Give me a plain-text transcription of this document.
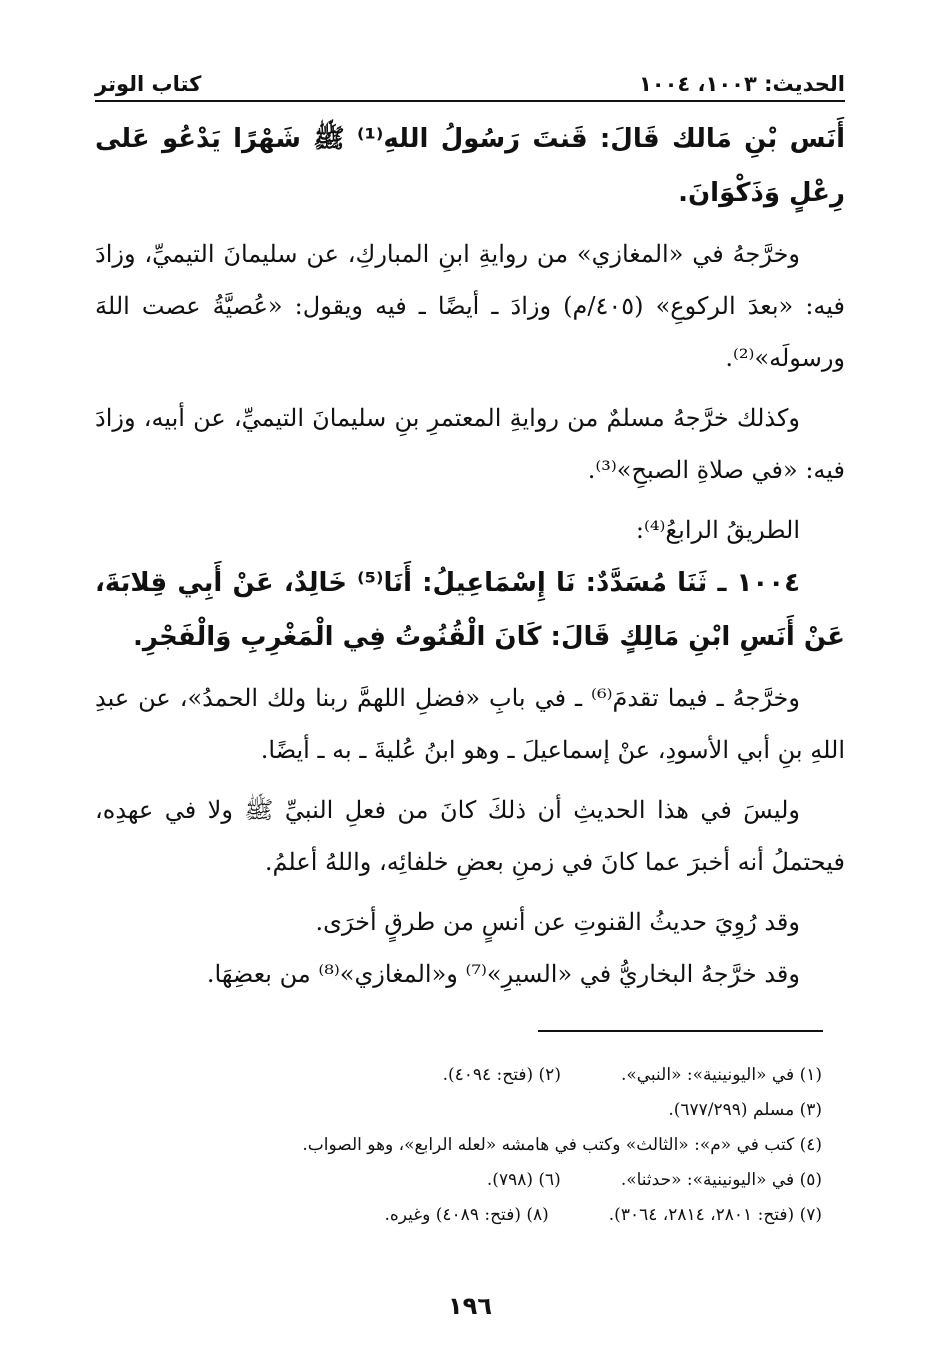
الحديث: ١٠٠٣، ١٠٠٤
كتاب الوتر

أَنَس بْنِ مَالك قَالَ: قَنتَ رَسُولُ اللهِ⁽¹⁾ ﷺ شَهْرًا يَدْعُو عَلى رِعْلٍ وَذَكْوَانَ.

وخرَّجهُ في «المغازي» من روايةِ ابنِ المباركِ، عن سليمانَ التيميِّ، وزادَ فيه: «بعدَ الركوعِ» (٤٠٥/م) وزادَ ـ أيضًا ـ فيه ويقول: «عُصيَّةُ عصت اللهَ ورسولَه»⁽²⁾.

وكذلك خرَّجهُ مسلمٌ من روايةِ المعتمرِ بنِ سليمانَ التيميِّ، عن أبيه، وزادَ فيه: «في صلاةِ الصبحِ»⁽³⁾.

الطريقُ الرابعُ⁽⁴⁾:

١٠٠٤ ـ ثَنَا مُسَدَّدٌ: نَا إِسْمَاعِيلُ: أَنَا⁽⁵⁾ خَالِدٌ، عَنْ أَبِي قِلابَةَ، عَنْ أَنَسِ ابْنِ مَالِكٍ قَالَ: كَانَ الْقُنُوتُ فِي الْمَغْرِبِ وَالْفَجْرِ.

وخرَّجهُ ـ فيما تقدمَ⁽⁶⁾ ـ في بابِ «فضلِ اللهمَّ ربنا ولك الحمدُ»، عن عبدِ اللهِ بنِ أبي الأسودِ، عنْ إسماعيلَ ـ وهو ابنُ عُليةَ ـ به ـ أيضًا.

وليسَ في هذا الحديثِ أن ذلكَ كانَ من فعلِ النبيِّ ﷺ ولا في عهدِه، فيحتملُ أنه أخبرَ عما كانَ في زمنِ بعضِ خلفائِه، واللهُ أعلمُ.

وقد رُوِيَ حديثُ القنوتِ عن أنسٍ من طرقٍ أخرَى.

وقد خرَّجهُ البخاريُّ في «السيرِ»⁽⁷⁾ و«المغازي»⁽⁸⁾ من بعضِهَا.

(١) في «اليونينية»: «النبي».(٢) (فتح: ٤٠٩٤).

(٣) مسلم (٦٧٧/٢٩٩).

(٤) كتب في «م»: «الثالث» وكتب في هامشه «لعله الرابع»، وهو الصواب.

(٥) في «اليونينية»: «حدثنا».(٦) (٧٩٨).

(٧) (فتح: ٢٨٠١، ٢٨١٤، ٣٠٦٤).(٨) (فتح: ٤٠٨٩) وغيره.

١٩٦
